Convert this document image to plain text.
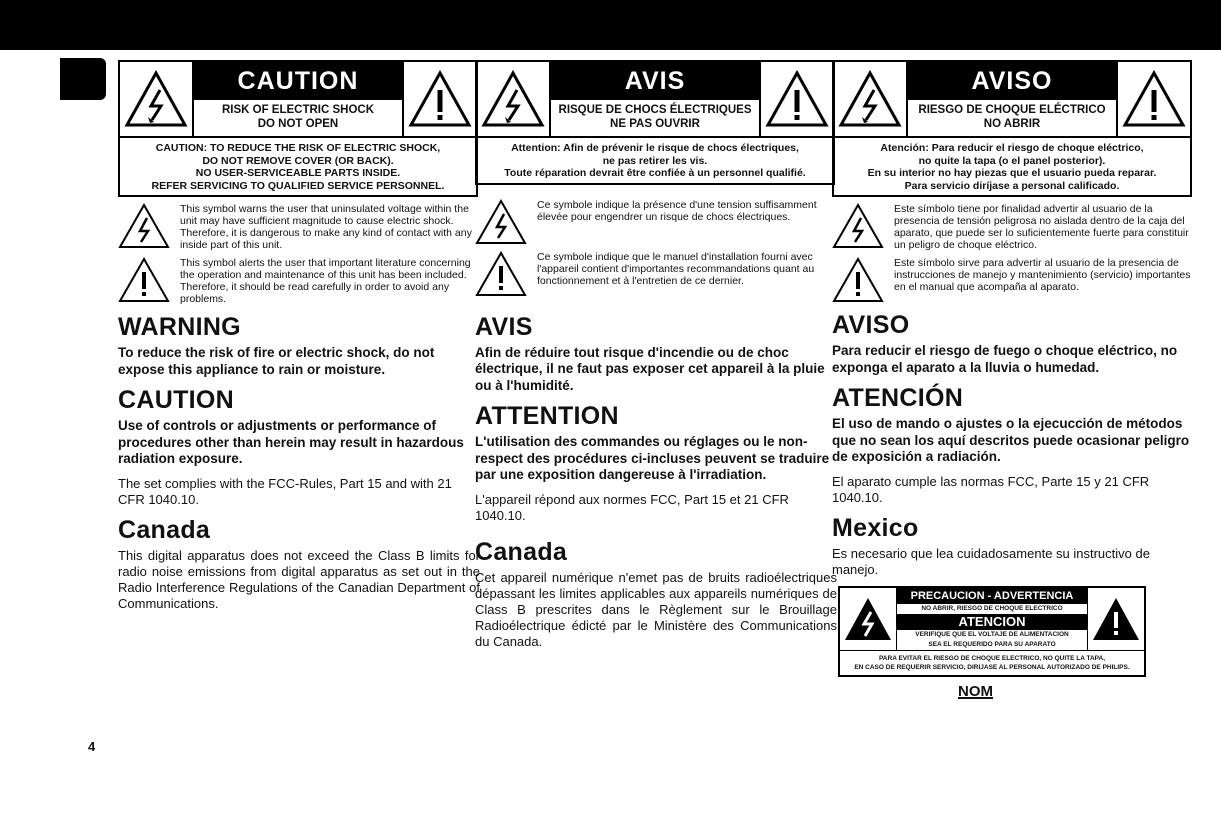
CAUTION
RISK OF ELECTRIC SHOCK
DO NOT OPEN
CAUTION: TO REDUCE THE RISK OF ELECTRIC SHOCK,
DO NOT REMOVE COVER (OR BACK).
NO USER-SERVICEABLE PARTS INSIDE.
REFER SERVICING TO QUALIFIED SERVICE PERSONNEL.

This symbol warns the user that uninsulated voltage within the unit may have sufficient magnitude to cause electric shock. Therefore, it is dangerous to make any kind of contact with any inside part of this unit.

This symbol alerts the user that important literature concerning the operation and maintenance of this unit has been included. Therefore, it should be read carefully in order to avoid any problems.

WARNING

To reduce the risk of fire or electric shock, do not expose this appliance to rain or moisture.

CAUTION

Use of controls or adjustments or performance of procedures other than herein may result in hazardous radiation exposure.

The set complies with the FCC-Rules, Part 15 and with 21 CFR 1040.10.

Canada

This digital apparatus does not exceed the Class B limits for radio noise emissions from digital apparatus as set out in the Radio Interference Regulations of the Canadian Department of Communications.

AVIS
RISQUE DE CHOCS ÉLECTRIQUES
NE PAS OUVRIR
Attention: Afin de prévenir le risque de chocs électriques,
ne pas retirer les vis.
Toute réparation devrait être confiée à un personnel qualifié.

Ce symbole indique la présence d'une tension suffisamment élevée pour engendrer un risque de chocs électriques.

Ce symbole indique que le manuel d'installation fourni avec l'appareil contient d'importantes recommandations quant au fonctionnement et à l'entretien de ce dernier.

AVIS

Afin de réduire tout risque d'incendie ou de choc électrique, il ne faut pas exposer cet appareil à la pluie ou à l'humidité.

ATTENTION

L'utilisation des commandes ou réglages ou le non-respect des procédures ci-incluses peuvent se traduire par une exposition dangereuse à l'irradiation.

L'appareil répond aux normes FCC, Part 15 et 21 CFR 1040.10.

Canada

Cet appareil numérique n'emet pas de bruits radioélectriques dépassant les limites applicables aux appareils numériques de Class B prescrites dans le Règlement sur le Brouillage Radioélectrique édicté par le Ministère des Communications du Canada.

AVISO
RIESGO DE CHOQUE ELÉCTRICO
NO ABRIR
Atención: Para reducir el riesgo de choque eléctrico,
no quite la tapa (o el panel posterior).
En su interior no hay piezas que el usuario pueda reparar.
Para servicio diríjase a personal calificado.

Este símbolo tiene por finalidad advertir al usuario de la presencia de tensión peligrosa no aislada dentro de la caja del aparato, que puede ser lo suficientemente fuerte para constituir un peligro de choque eléctrico.

Este símbolo sirve para advertir al usuario de la presencia de instrucciones de manejo y mantenimiento (servicio) importantes en el manual que acompaña al aparato.

AVISO

Para reducir el riesgo de fuego o choque eléctrico, no exponga el aparato a la lluvia o humedad.

ATENCIÓN

El uso de mando o ajustes o la ejecucción de métodos que no sean los aquí descritos puede ocasionar peligro de exposición a radiación.

El aparato cumple las normas FCC, Parte 15 y 21 CFR 1040.10.

Mexico

Es necesario que lea cuidadosamente su instructivo de manejo.

PRECAUCION - ADVERTENCIA
NO ABRIR, RIESGO DE CHOQUE ELECTRICO
ATENCION
VERIFIQUE QUE EL VOLTAJE DE ALIMENTACION
SEA EL REQUERIDO PARA SU APARATO
PARA EVITAR EL RIESGO DE CHOQUE ELECTRICO, NO QUITE LA TAPA,
EN CASO DE REQUERIR SERVICIO, DIRIJASE AL PERSONAL AUTORIZADO DE PHILIPS.
NOM
4
